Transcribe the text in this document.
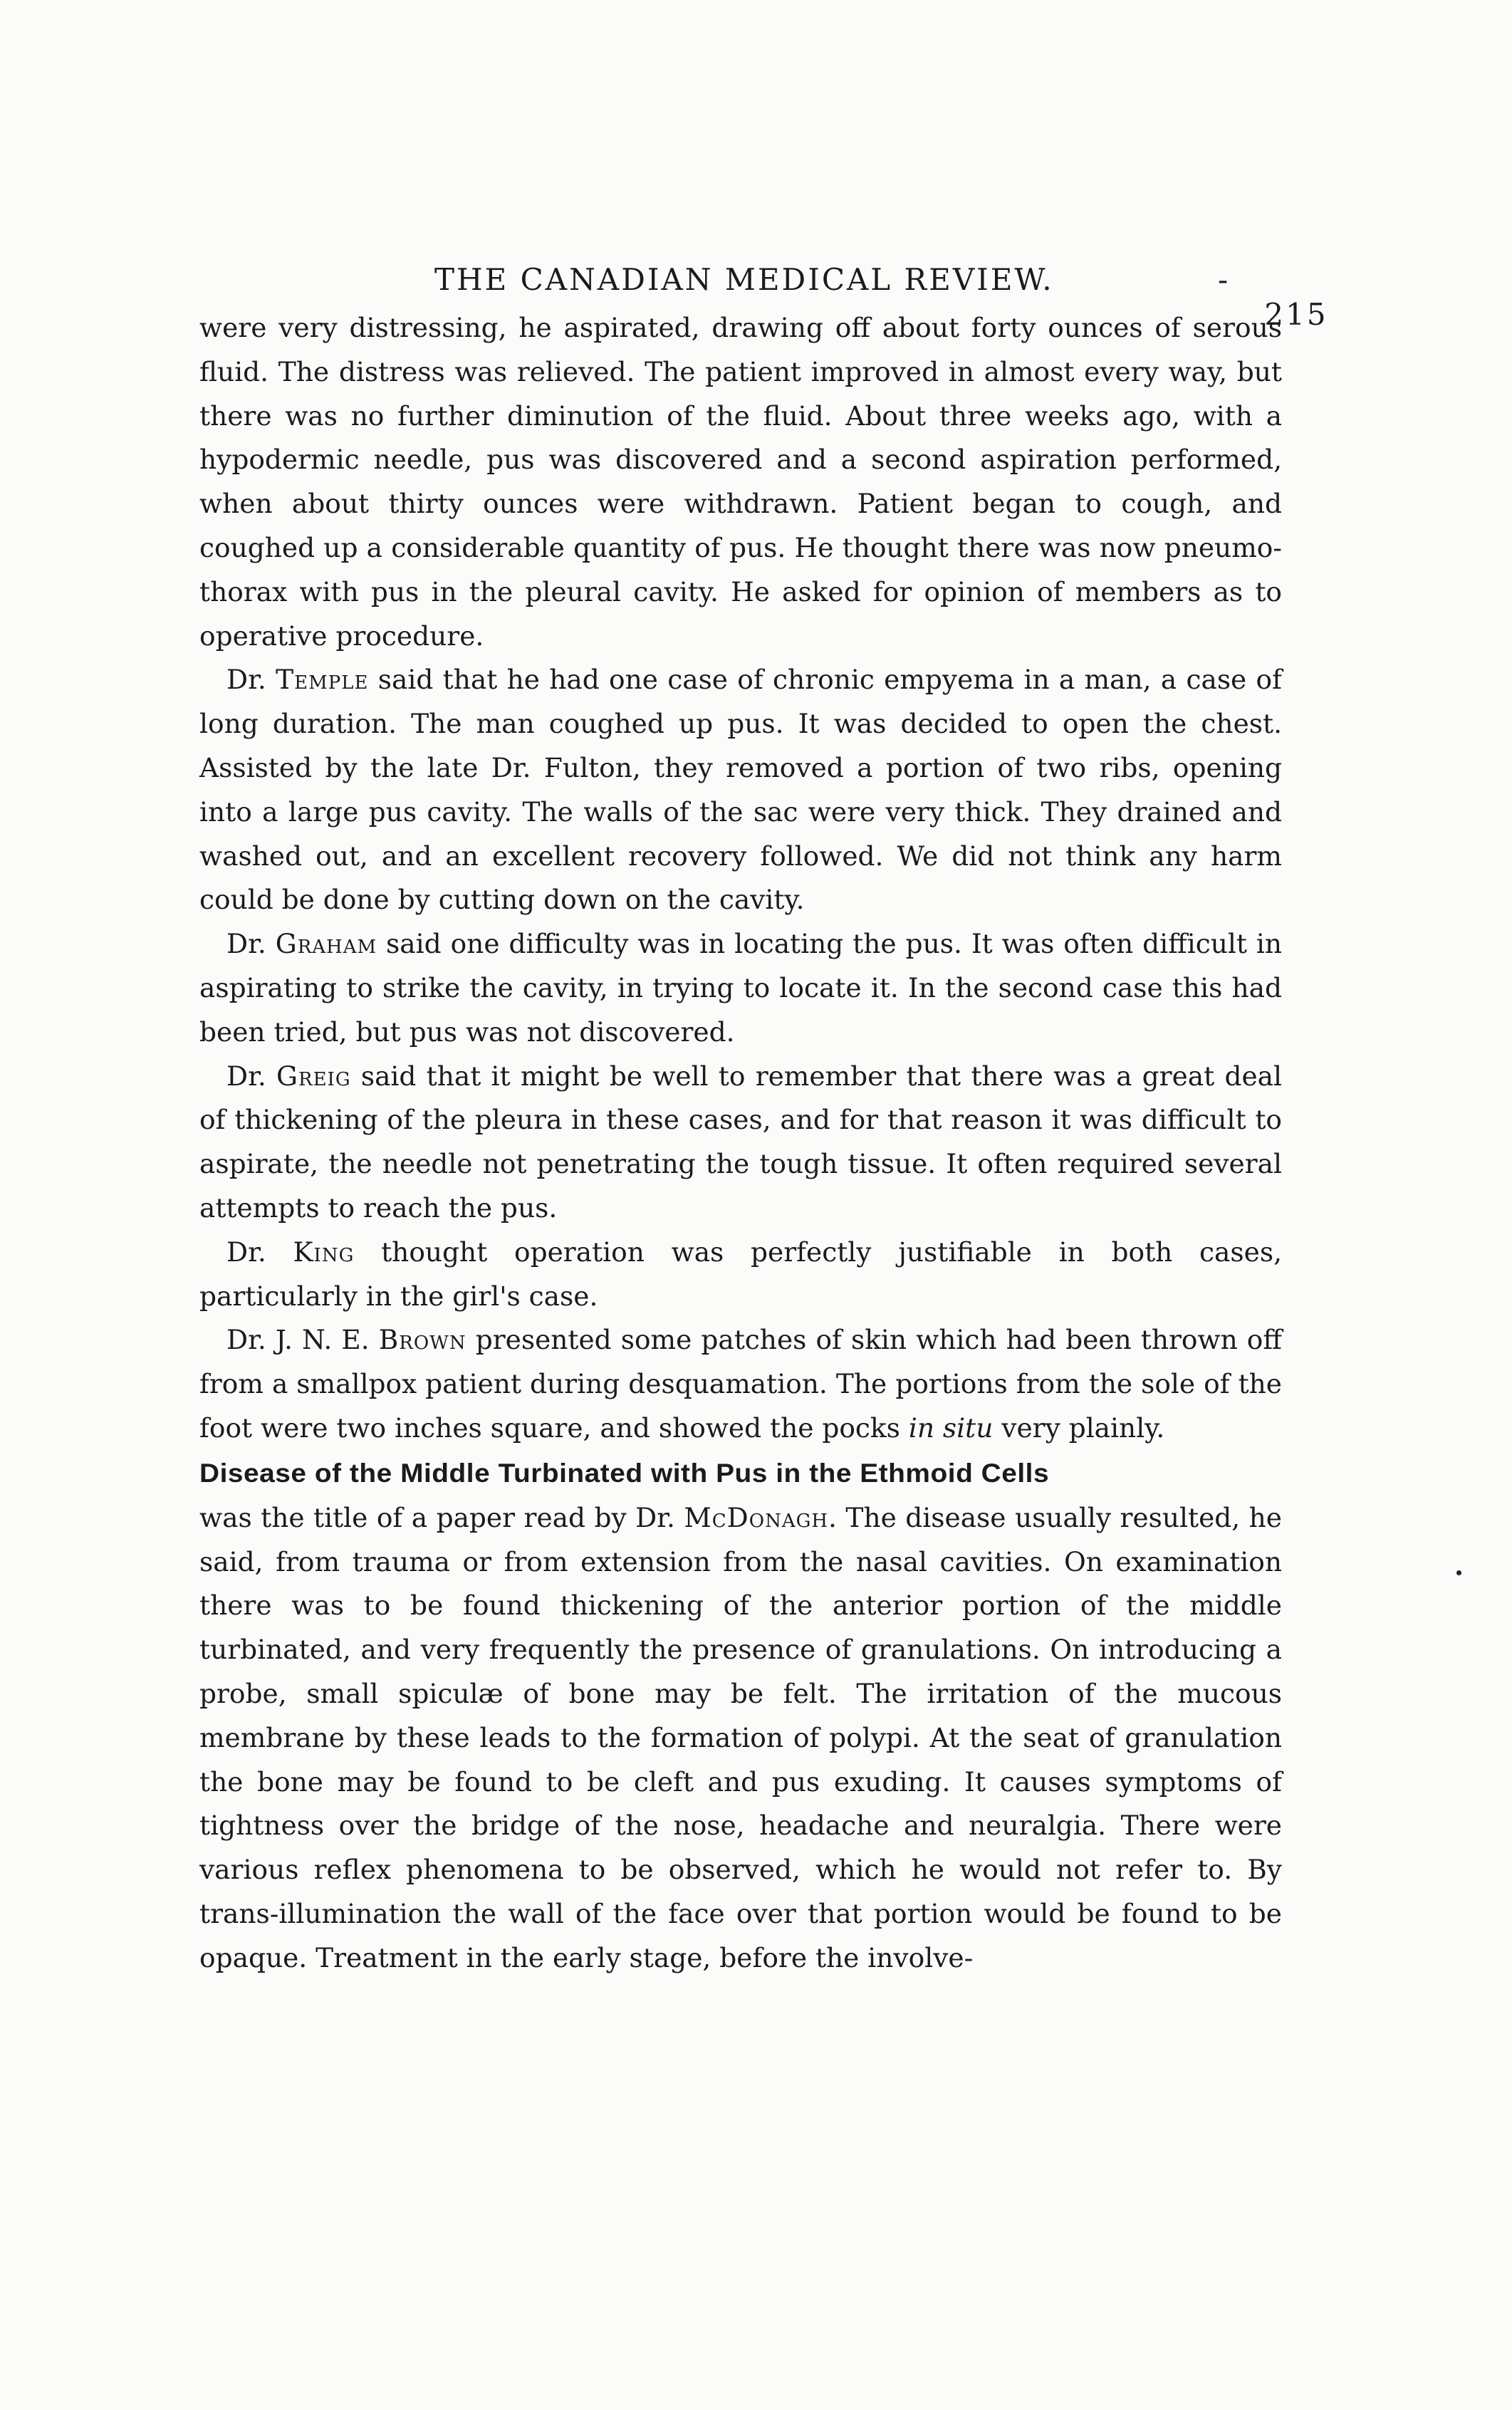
THE CANADIAN MEDICAL REVIEW.	-    215

were very distressing, he aspirated, drawing off about forty ounces of serous fluid. The distress was relieved. The patient improved in almost every way, but there was no further diminution of the fluid. About three weeks ago, with a hypodermic needle, pus was discovered and a second aspiration performed, when about thirty ounces were withdrawn. Patient began to cough, and coughed up a considerable quantity of pus. He thought there was now pneumo-thorax with pus in the pleural cavity. He asked for opinion of members as to operative procedure.

Dr. Temple said that he had one case of chronic empyema in a man, a case of long duration. The man coughed up pus. It was decided to open the chest. Assisted by the late Dr. Fulton, they removed a portion of two ribs, opening into a large pus cavity. The walls of the sac were very thick. They drained and washed out, and an excellent recovery followed. We did not think any harm could be done by cutting down on the cavity.

Dr. Graham said one difficulty was in locating the pus. It was often difficult in aspirating to strike the cavity, in trying to locate it. In the second case this had been tried, but pus was not discovered.

Dr. Greig said that it might be well to remember that there was a great deal of thickening of the pleura in these cases, and for that reason it was difficult to aspirate, the needle not penetrating the tough tissue. It often required several attempts to reach the pus.

Dr. King thought operation was perfectly justifiable in both cases, particularly in the girl's case.

Dr. J. N. E. Brown presented some patches of skin which had been thrown off from a smallpox patient during desquamation. The portions from the sole of the foot were two inches square, and showed the pocks in situ very plainly.

Disease of the Middle Turbinated with Pus in the Ethmoid Cells

was the title of a paper read by Dr. McDonagh. The disease usually resulted, he said, from trauma or from extension from the nasal cavities. On examination there was to be found thickening of the anterior portion of the middle turbinated, and very frequently the presence of granulations. On introducing a probe, small spiculæ of bone may be felt. The irritation of the mucous membrane by these leads to the formation of polypi. At the seat of granulation the bone may be found to be cleft and pus exuding. It causes symptoms of tightness over the bridge of the nose, headache and neuralgia. There were various reflex phenomena to be observed, which he would not refer to. By trans-illumination the wall of the face over that portion would be found to be opaque. Treatment in the early stage, before the involve-
